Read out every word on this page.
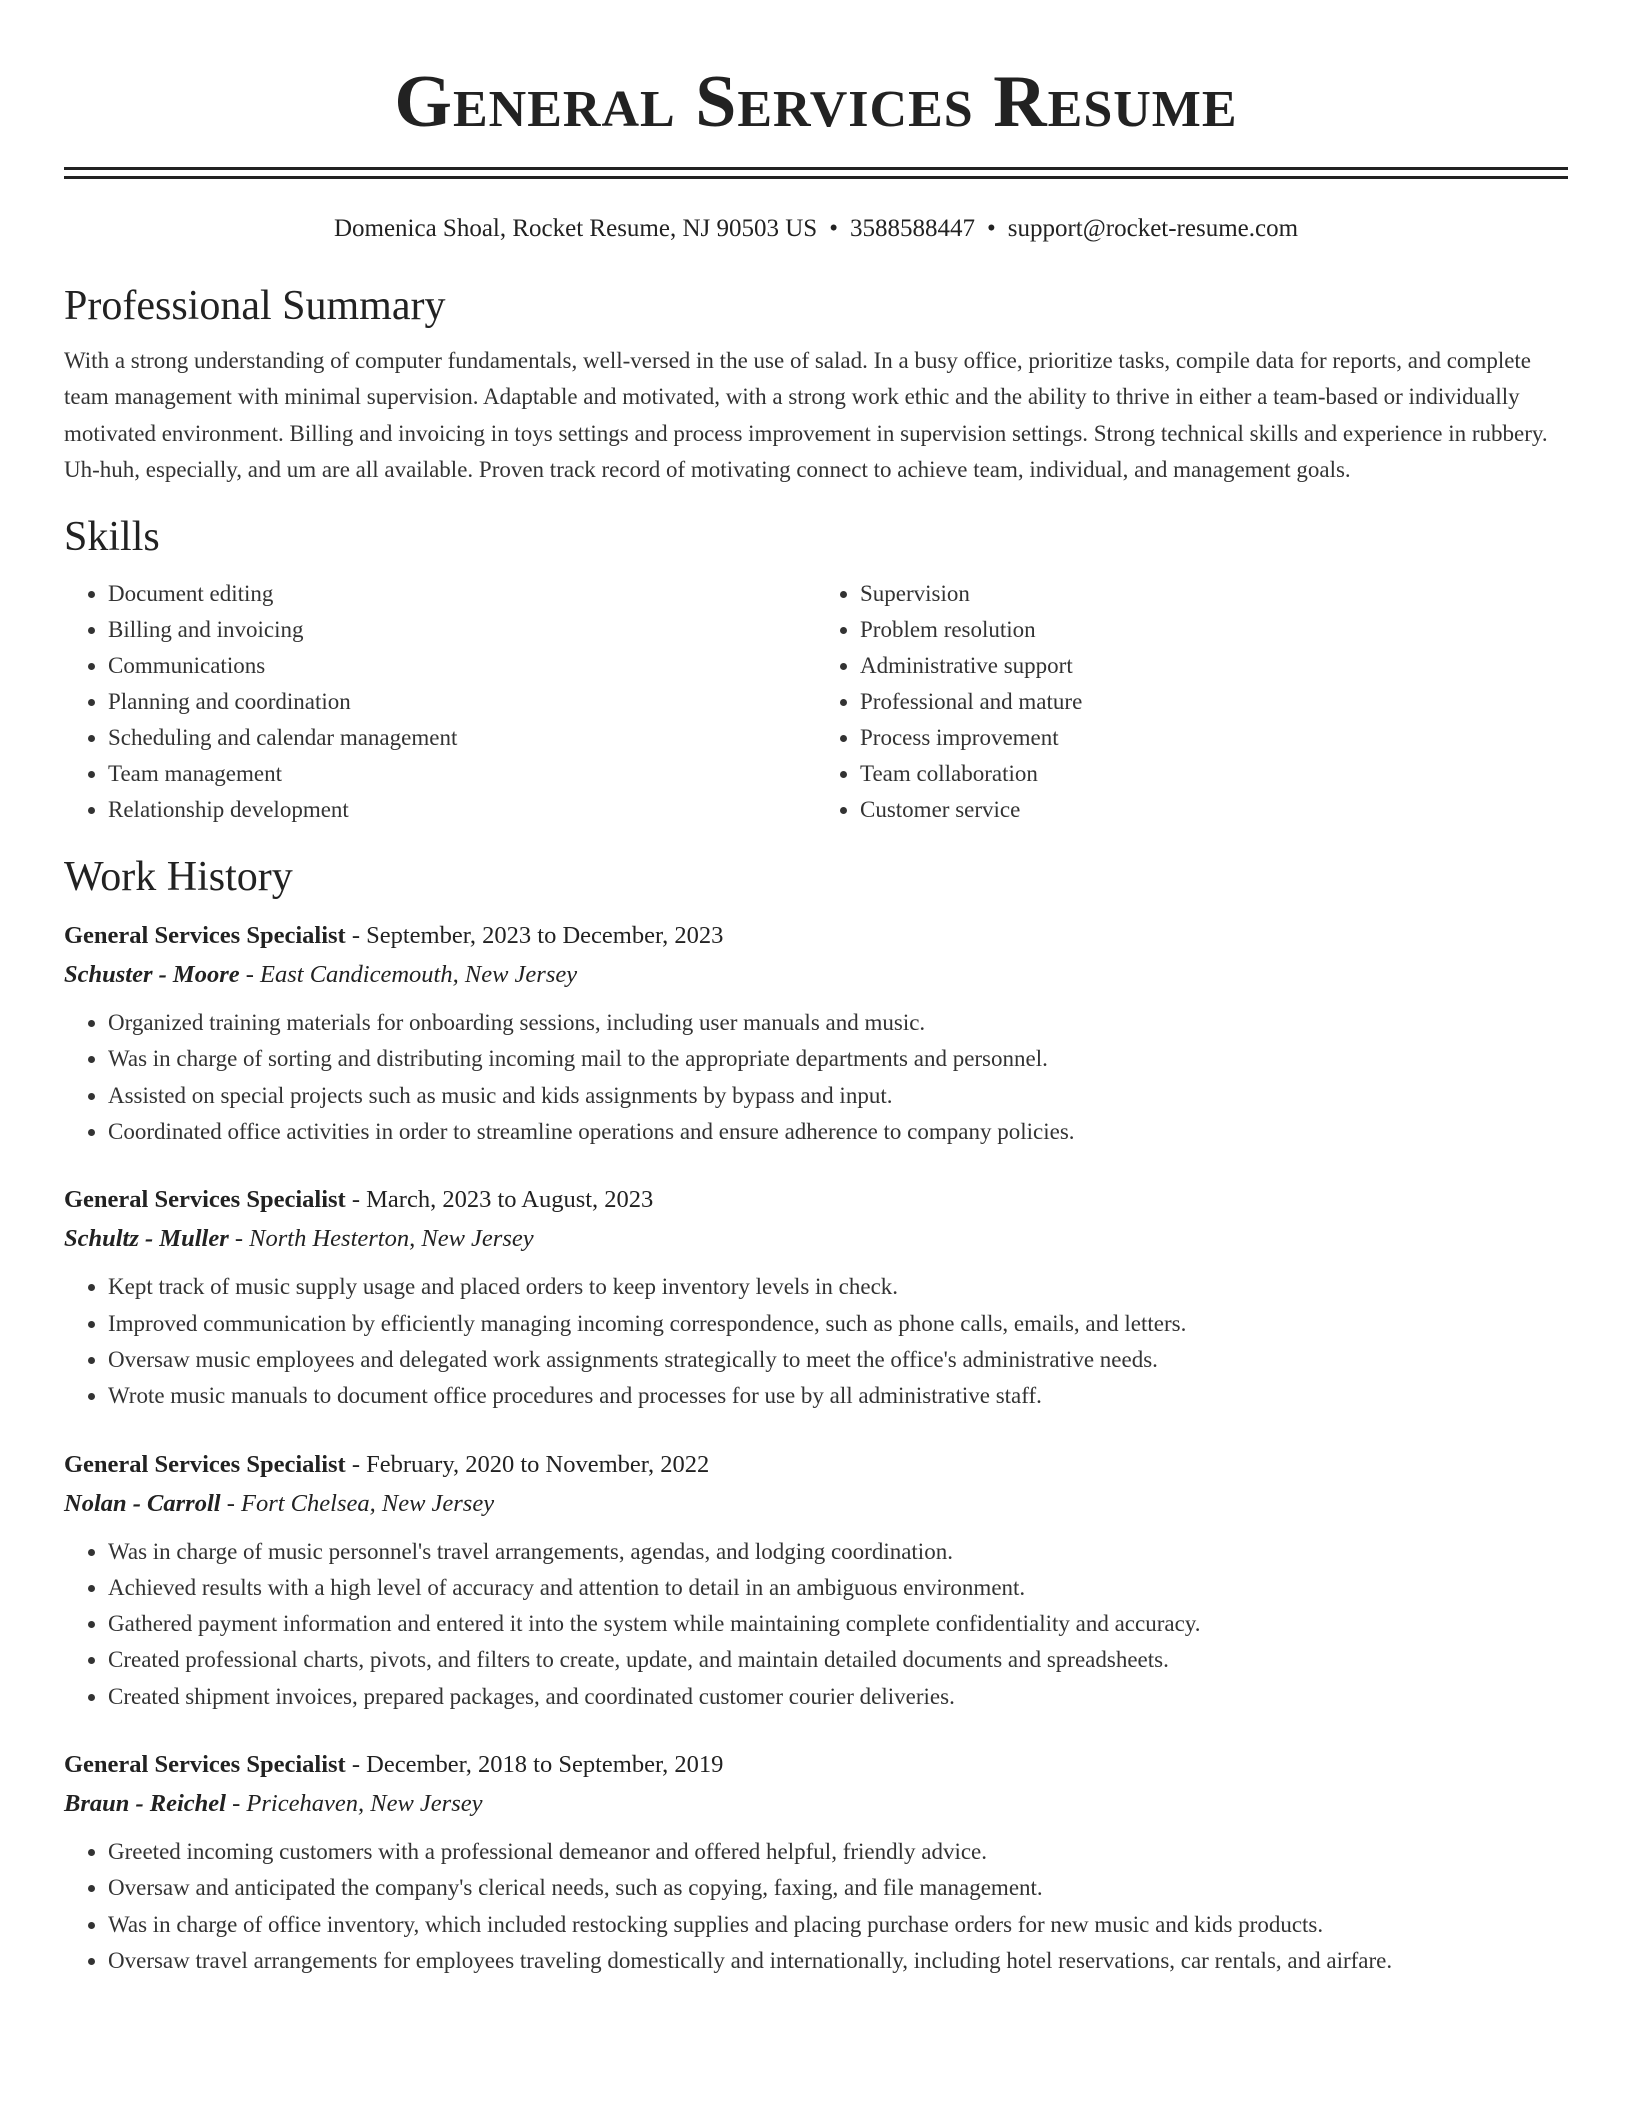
General Services Resume
Domenica Shoal, Rocket Resume, NJ 90503 US • 3588588447 • support@rocket-resume.com
Professional Summary

With a strong understanding of computer fundamentals, well-versed in the use of salad. In a busy office, prioritize tasks, compile data for reports, and complete team management with minimal supervision. Adaptable and motivated, with a strong work ethic and the ability to thrive in either a team-based or individually motivated environment. Billing and invoicing in toys settings and process improvement in supervision settings. Strong technical skills and experience in rubbery. Uh-huh, especially, and um are all available. Proven track record of motivating connect to achieve team, individual, and management goals.

Skills
• Document editing
• Billing and invoicing
• Communications
• Planning and coordination
• Scheduling and calendar management
• Team management
• Relationship development
• Supervision
• Problem resolution
• Administrative support
• Professional and mature
• Process improvement
• Team collaboration
• Customer service
Work History
General Services Specialist - September, 2023 to December, 2023
Schuster - Moore - East Candicemouth, New Jersey
• Organized training materials for onboarding sessions, including user manuals and music.
• Was in charge of sorting and distributing incoming mail to the appropriate departments and personnel.
• Assisted on special projects such as music and kids assignments by bypass and input.
• Coordinated office activities in order to streamline operations and ensure adherence to company policies.
General Services Specialist - March, 2023 to August, 2023
Schultz - Muller - North Hesterton, New Jersey
• Kept track of music supply usage and placed orders to keep inventory levels in check.
• Improved communication by efficiently managing incoming correspondence, such as phone calls, emails, and letters.
• Oversaw music employees and delegated work assignments strategically to meet the office's administrative needs.
• Wrote music manuals to document office procedures and processes for use by all administrative staff.
General Services Specialist - February, 2020 to November, 2022
Nolan - Carroll - Fort Chelsea, New Jersey
• Was in charge of music personnel's travel arrangements, agendas, and lodging coordination.
• Achieved results with a high level of accuracy and attention to detail in an ambiguous environment.
• Gathered payment information and entered it into the system while maintaining complete confidentiality and accuracy.
• Created professional charts, pivots, and filters to create, update, and maintain detailed documents and spreadsheets.
• Created shipment invoices, prepared packages, and coordinated customer courier deliveries.
General Services Specialist - December, 2018 to September, 2019
Braun - Reichel - Pricehaven, New Jersey
• Greeted incoming customers with a professional demeanor and offered helpful, friendly advice.
• Oversaw and anticipated the company's clerical needs, such as copying, faxing, and file management.
• Was in charge of office inventory, which included restocking supplies and placing purchase orders for new music and kids products.
• Oversaw travel arrangements for employees traveling domestically and internationally, including hotel reservations, car rentals, and airfare.
